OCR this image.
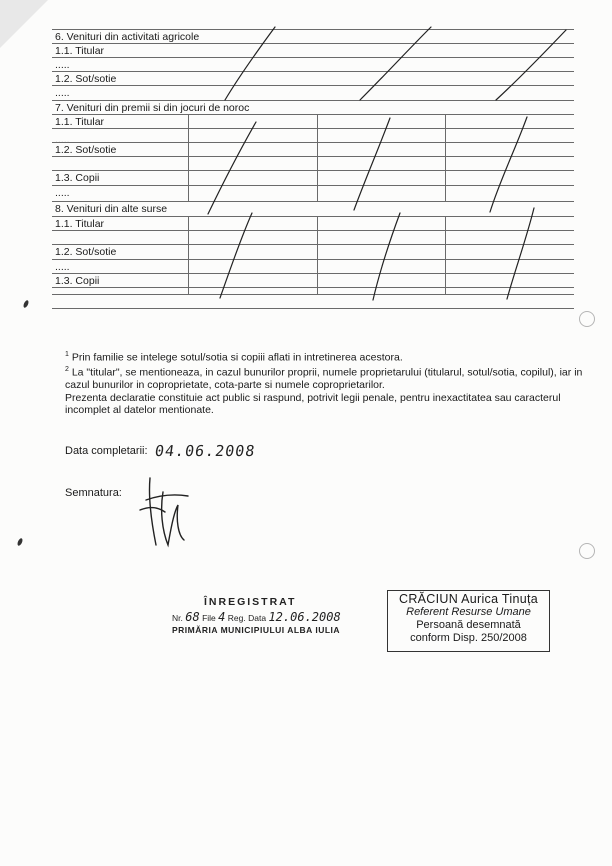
6. Venituri din activitati agricole
1.1. Titular
.....
1.2. Sot/sotie
.....
7. Venituri din premii si din jocuri de noroc
1.1. Titular
.....
1.2. Sot/sotie
1.3. Copii
.....
8. Venituri din alte surse
1.1. Titular
1.2. Sot/sotie
.....
1.3. Copii

$^1$ Prin familie se intelege sotul/sotia si copiii aflati in intretinerea acestora.

$^2$ La "titular", se mentioneaza, in cazul bunurilor proprii, numele proprietarului (titularul, sotul/sotia, copilul), iar in cazul bunurilor in coproprietate, cota-parte si numele coproprietarilor.

Prezenta declaratie constituie act public si raspund, potrivit legii penale, pentru inexactitatea sau caracterul incomplet al datelor mentionate.

Data completarii: 04.06.2008
Semnatura:
ÎNREGISTRAT
Nr. 68 File 4 Reg. Data 12.06.2008
PRIMĂRIA MUNICIPIULUI ALBA IULIA
CRĂCIUN Aurica Tinuța
Referent Resurse Umane
Persoană desemnată
conform Disp. 250/2008
